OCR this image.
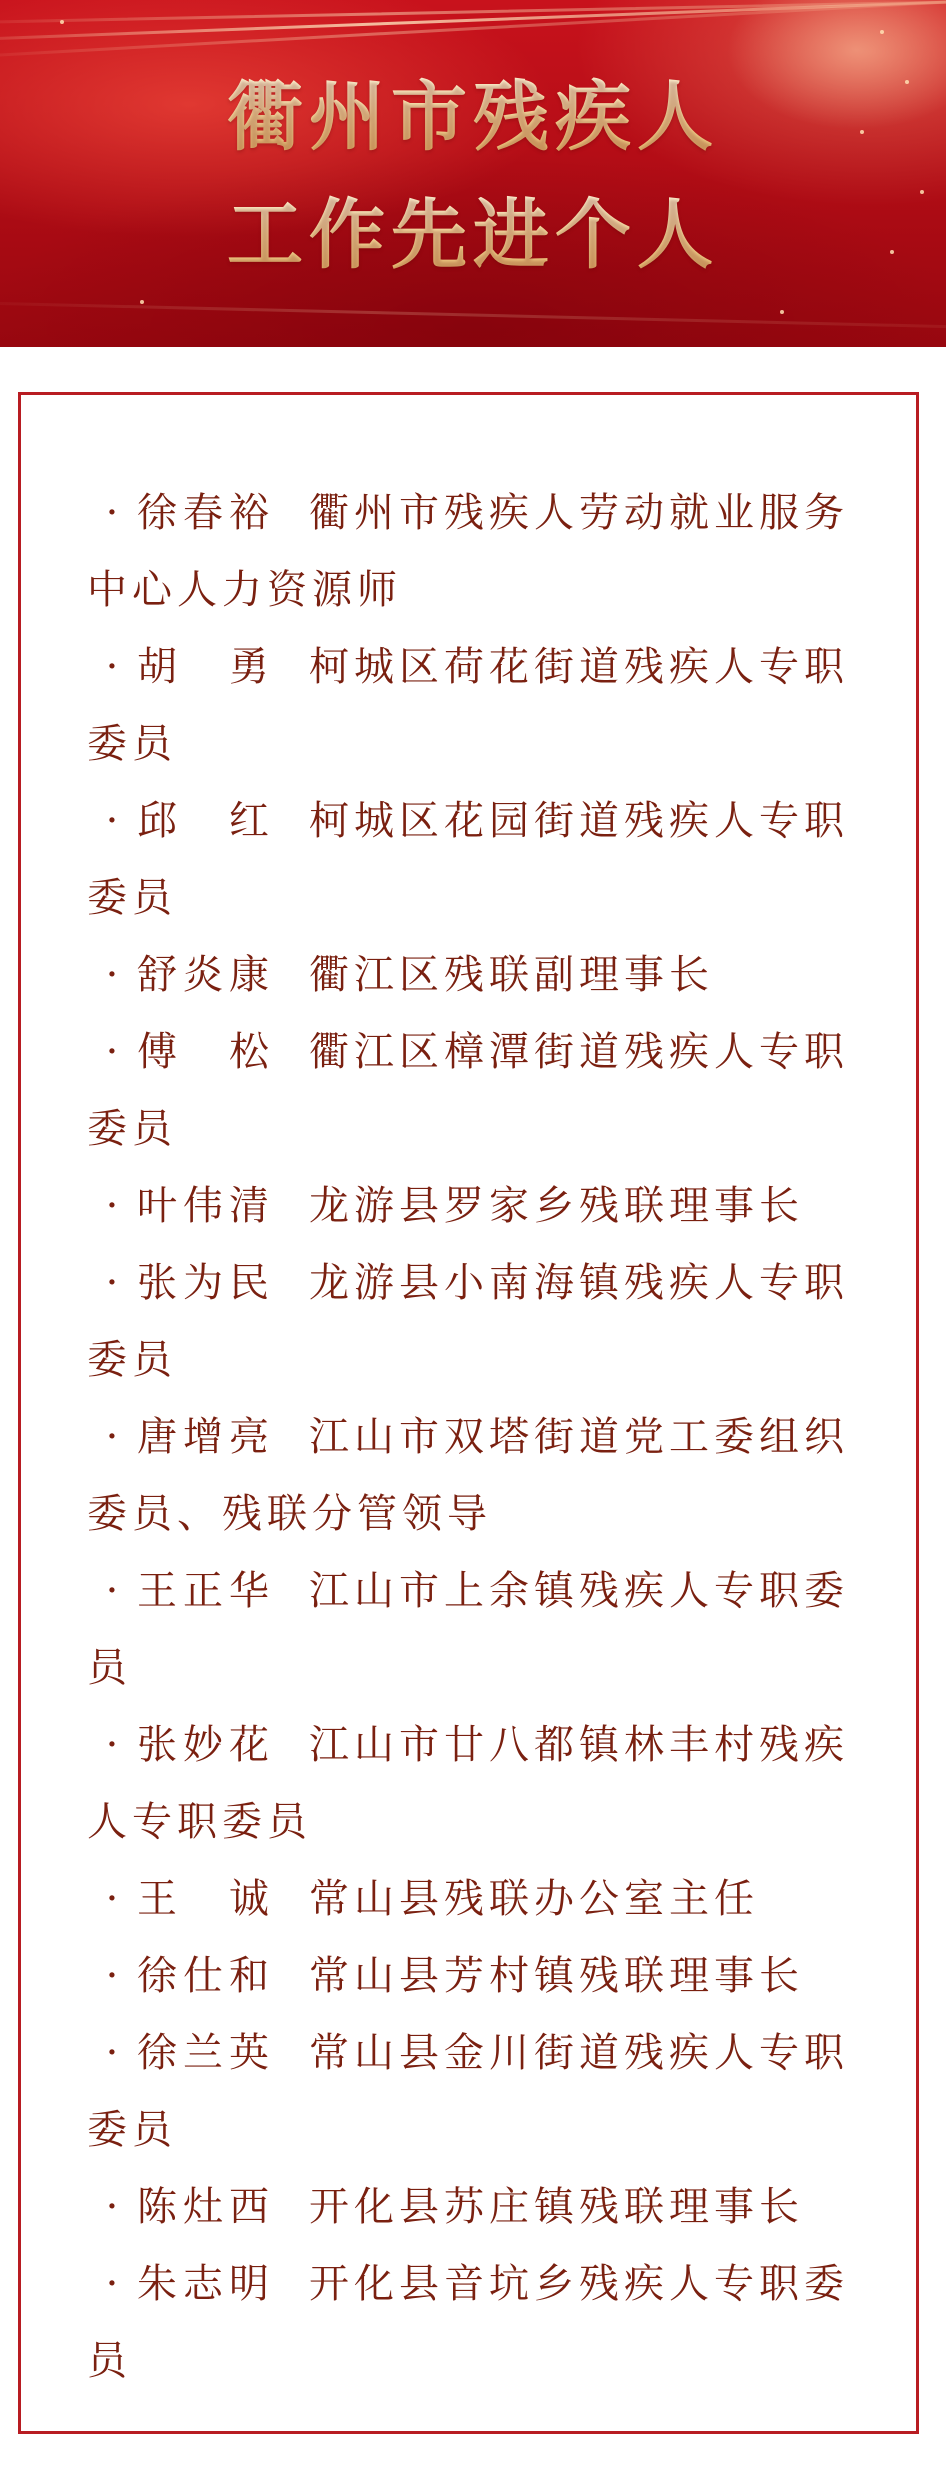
衢州市残疾人
工作先进个人
· 徐春裕 衢州市残疾人劳动就业服务中心人力资源师
· 胡　勇 柯城区荷花街道残疾人专职委员
· 邱　红 柯城区花园街道残疾人专职委员
· 舒炎康 衢江区残联副理事长
· 傅　松 衢江区樟潭街道残疾人专职委员
· 叶伟清 龙游县罗家乡残联理事长
· 张为民 龙游县小南海镇残疾人专职委员
· 唐增亮 江山市双塔街道党工委组织委员、残联分管领导
· 王正华 江山市上余镇残疾人专职委员
· 张妙花 江山市廿八都镇林丰村残疾人专职委员
· 王　诚 常山县残联办公室主任
· 徐仕和 常山县芳村镇残联理事长
· 徐兰英 常山县金川街道残疾人专职委员
· 陈灶西 开化县苏庄镇残联理事长
· 朱志明 开化县音坑乡残疾人专职委员
